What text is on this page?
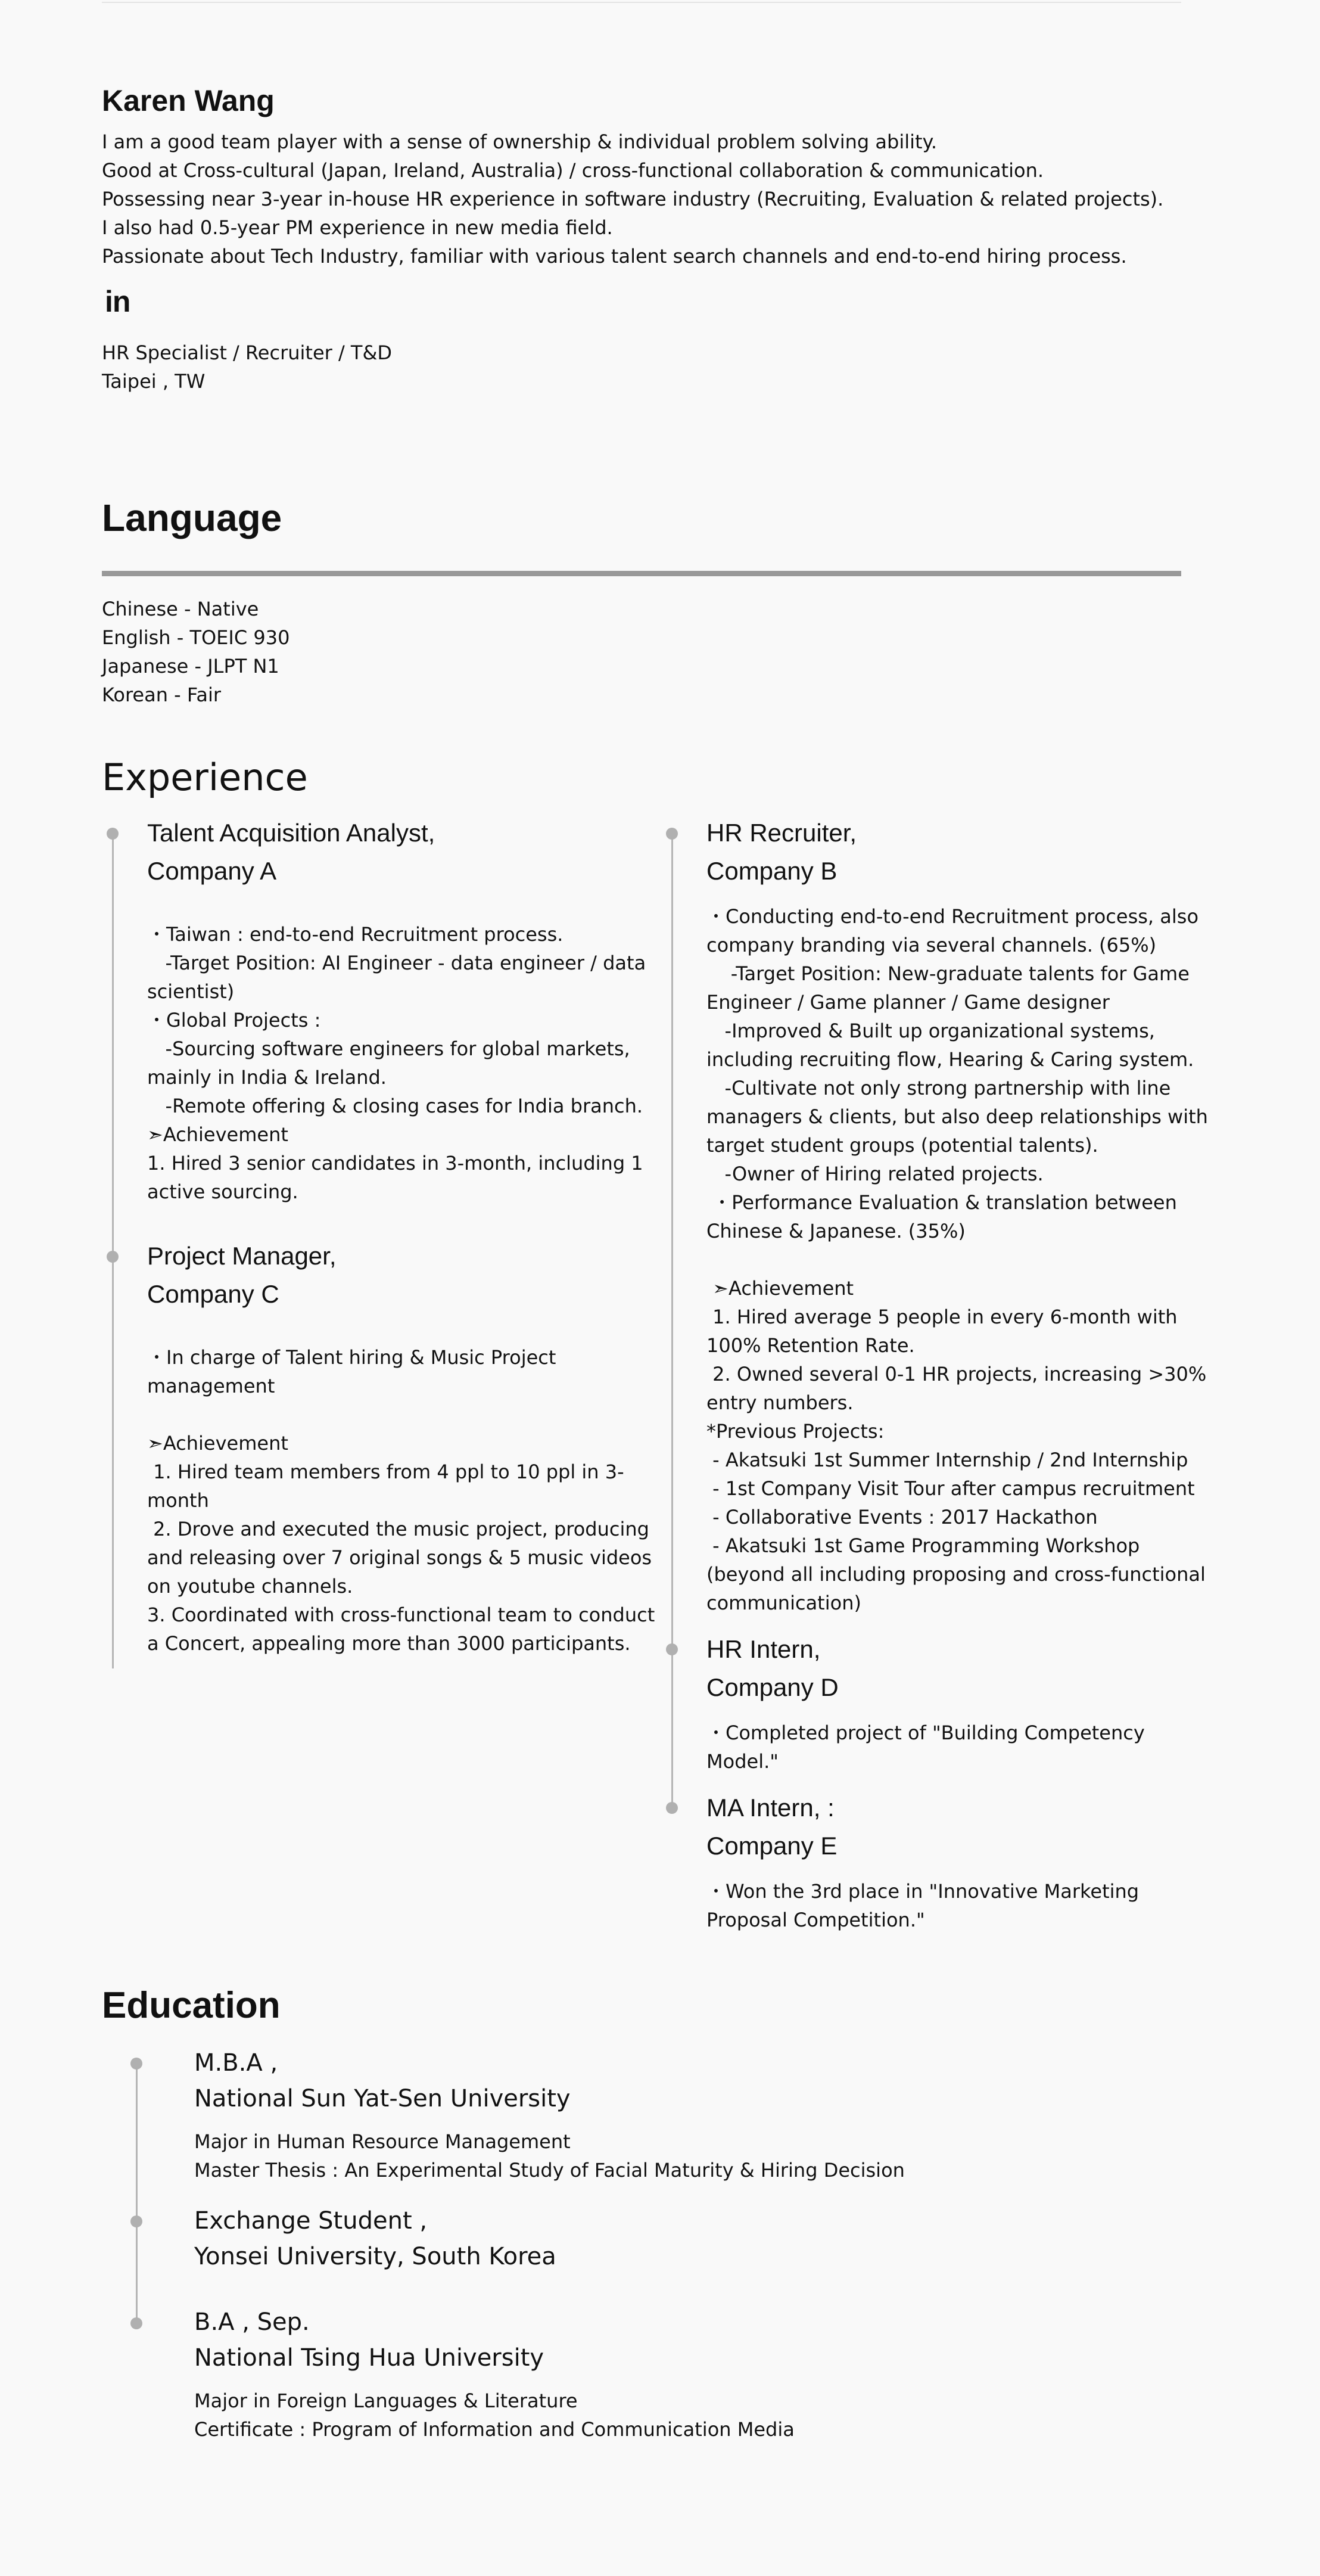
Karen Wang
I am a good team player with a sense of ownership & individual problem solving ability.
Good at Cross-cultural (Japan, Ireland, Australia) / cross-functional collaboration & communication.
Possessing near 3-year in-house HR experience in software industry (Recruiting, Evaluation & related projects).
I also had 0.5-year PM experience in new media field.
Passionate about Tech Industry, familiar with various talent search channels and end-to-end hiring process.
in
HR Specialist / Recruiter / T&D
Taipei , TW
Language
Chinese - Native
English - TOEIC 930
Japanese - JLPT N1
Korean - Fair
Experience
Talent Acquisition Analyst,
Company A
・Taiwan : end-to-end Recruitment process.
-Target Position: AI Engineer - data engineer / data
scientist)
・Global Projects :
-Sourcing software engineers for global markets,
mainly in India & Ireland.
-Remote offering & closing cases for India branch.
➣Achievement
1. Hired 3 senior candidates in 3-month, including 1
active sourcing.
Project Manager,
Company C
・In charge of Talent hiring & Music Project
management
➣Achievement
1. Hired team members from 4 ppl to 10 ppl in 3-
month
2. Drove and executed the music project, producing
and releasing over 7 original songs & 5 music videos
on youtube channels.
3. Coordinated with cross-functional team to conduct
a Concert, appealing more than 3000 participants.
HR Recruiter,
Company B
・Conducting end-to-end Recruitment process, also
company branding via several channels. (65%)
-Target Position: New-graduate talents for Game
Engineer / Game planner / Game designer
-Improved & Built up organizational systems,
including recruiting flow, Hearing & Caring system.
-Cultivate not only strong partnership with line
managers & clients, but also deep relationships with
target student groups (potential talents).
-Owner of Hiring related projects.
・Performance Evaluation & translation between
Chinese & Japanese. (35%)
➣Achievement
1. Hired average 5 people in every 6-month with
100% Retention Rate.
2. Owned several 0-1 HR projects, increasing >30%
entry numbers.
*Previous Projects:
- Akatsuki 1st Summer Internship / 2nd Internship
- 1st Company Visit Tour after campus recruitment
- Collaborative Events : 2017 Hackathon
- Akatsuki 1st Game Programming Workshop
(beyond all including proposing and cross-functional
communication)
HR Intern,
Company D
・Completed project of "Building Competency
Model."
MA Intern, :
Company E
・Won the 3rd place in "Innovative Marketing
Proposal Competition."
Education
M.B.A ,
National Sun Yat-Sen University
Major in Human Resource Management
Master Thesis : An Experimental Study of Facial Maturity & Hiring Decision
Exchange Student ,
Yonsei University, South Korea
B.A , Sep.
National Tsing Hua University
Major in Foreign Languages & Literature
Certificate : Program of Information and Communication Media
